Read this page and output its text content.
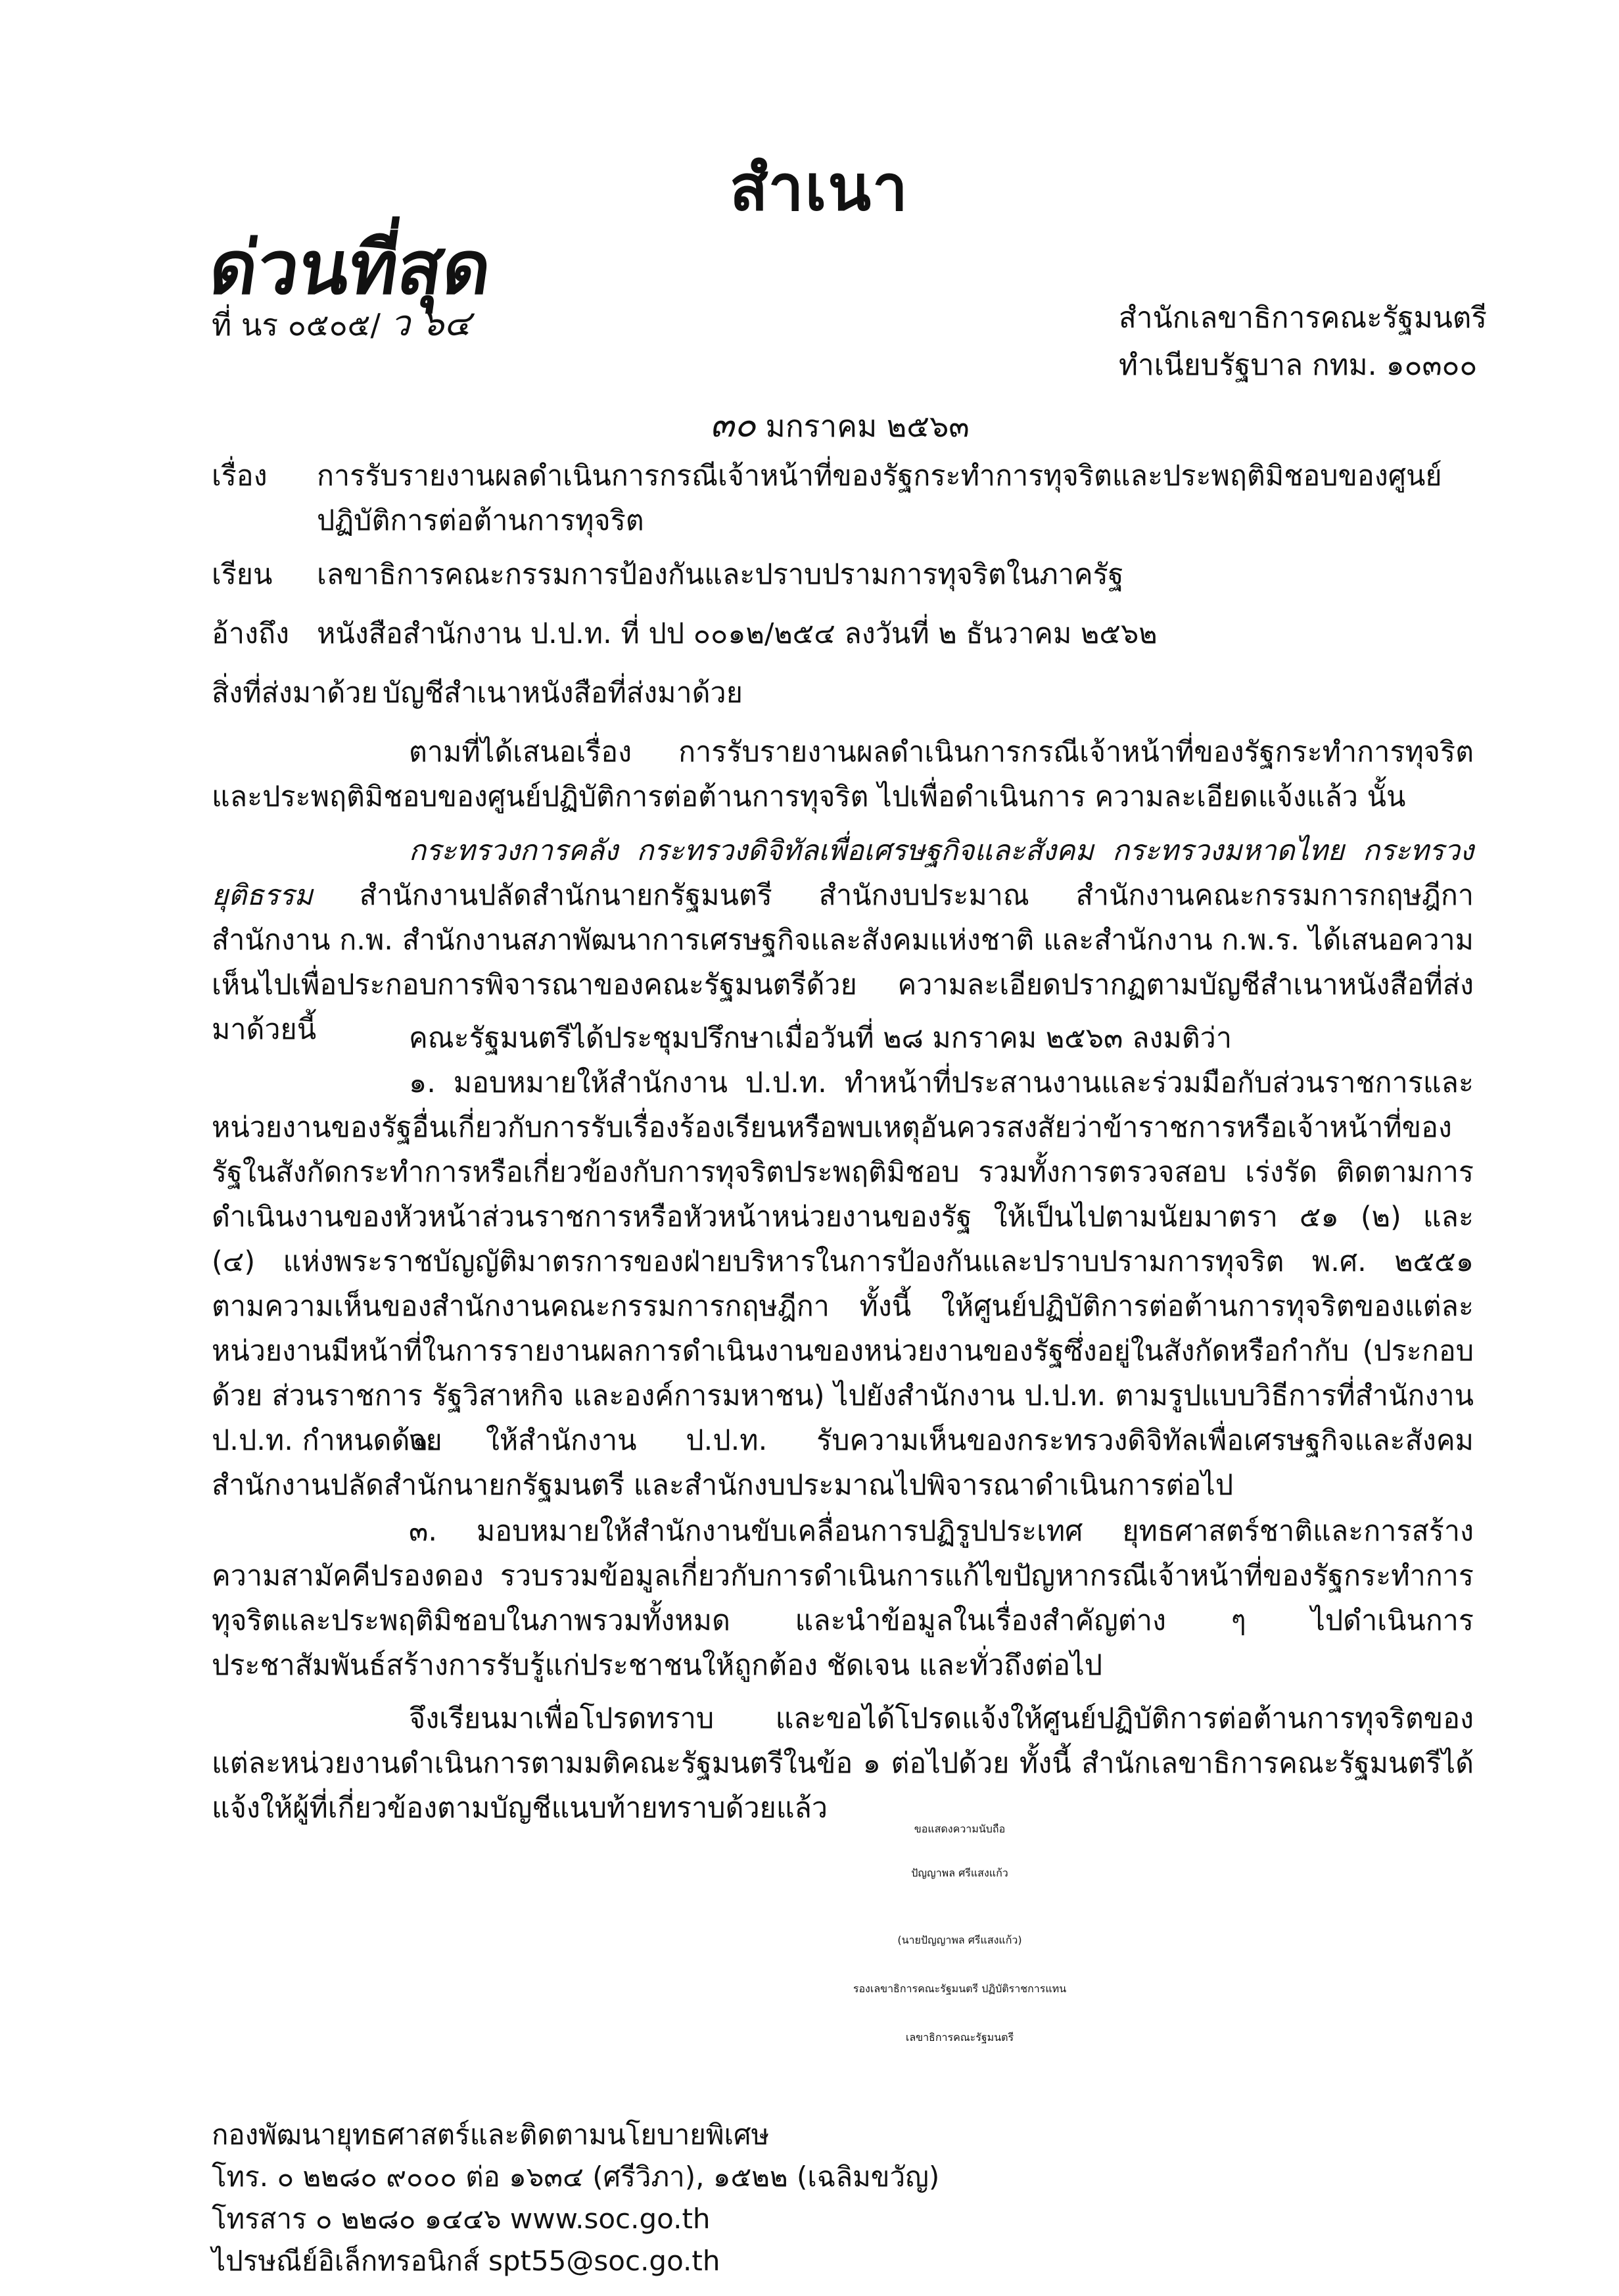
สำเนา
ด่วนที่สุด
ที่ นร ๐๕๐๕/ ว ๖๔	สำนักเลขาธิการคณะรัฐมนตรี
ทำเนียบรัฐบาล กทม. ๑๐๓๐๐
๓๐ มกราคม ๒๕๖๓
เรื่อง	การรับรายงานผลดำเนินการกรณีเจ้าหน้าที่ของรัฐกระทำการทุจริตและประพฤติมิชอบของศูนย์ปฏิบัติการต่อต้านการทุจริต
เรียน	เลขาธิการคณะกรรมการป้องกันและปราบปรามการทุจริตในภาครัฐ
อ้างถึง หนังสือสำนักงาน ป.ป.ท. ที่ ปป ๐๐๑๒/๒๕๔ ลงวันที่ ๒ ธันวาคม ๒๕๖๒
สิ่งที่ส่งมาด้วย บัญชีสำเนาหนังสือที่ส่งมาด้วย
ตามที่ได้เสนอเรื่อง การรับรายงานผลดำเนินการกรณีเจ้าหน้าที่ของรัฐกระทำการทุจริตและประพฤติมิชอบของศูนย์ปฏิบัติการต่อต้านการทุจริต ไปเพื่อดำเนินการ ความละเอียดแจ้งแล้ว นั้น
กระทรวงการคลัง กระทรวงดิจิทัลเพื่อเศรษฐกิจและสังคม กระทรวงมหาดไทย กระทรวงยุติธรรม สำนักงานปลัดสำนักนายกรัฐมนตรี สำนักงบประมาณ สำนักงานคณะกรรมการกฤษฎีกา สำนักงาน ก.พ. สำนักงานสภาพัฒนาการเศรษฐกิจและสังคมแห่งชาติ และสำนักงาน ก.พ.ร. ได้เสนอความเห็นไปเพื่อประกอบการพิจารณาของคณะรัฐมนตรีด้วย ความละเอียดปรากฏตามบัญชีสำเนาหนังสือที่ส่งมาด้วยนี้	คณะรัฐมนตรีได้ประชุมปรึกษาเมื่อวันที่ ๒๘ มกราคม ๒๕๖๓ ลงมติว่า
๑. มอบหมายให้สำนักงาน ป.ป.ท. ทำหน้าที่ประสานงานและร่วมมือกับส่วนราชการและหน่วยงานของรัฐอื่นเกี่ยวกับการรับเรื่องร้องเรียนหรือพบเหตุอันควรสงสัยว่าข้าราชการหรือเจ้าหน้าที่ของรัฐในสังกัดกระทำการหรือเกี่ยวข้องกับการทุจริตประพฤติมิชอบ รวมทั้งการตรวจสอบ เร่งรัด ติดตามการดำเนินงานของหัวหน้าส่วนราชการหรือหัวหน้าหน่วยงานของรัฐ ให้เป็นไปตามนัยมาตรา ๕๑ (๒) และ (๔) แห่งพระราชบัญญัติมาตรการของฝ่ายบริหารในการป้องกันและปราบปรามการทุจริต พ.ศ. ๒๕๕๑ ตามความเห็นของสำนักงานคณะกรรมการกฤษฎีกา ทั้งนี้ ให้ศูนย์ปฏิบัติการต่อต้านการทุจริตของแต่ละหน่วยงานมีหน้าที่ในการรายงานผลการดำเนินงานของหน่วยงานของรัฐซึ่งอยู่ในสังกัดหรือกำกับ (ประกอบด้วย ส่วนราชการ รัฐวิสาหกิจ และองค์การมหาชน) ไปยังสำนักงาน ป.ป.ท. ตามรูปแบบวิธีการที่สำนักงาน ป.ป.ท. กำหนดด้วย
๒. ให้สำนักงาน ป.ป.ท. รับความเห็นของกระทรวงดิจิทัลเพื่อเศรษฐกิจและสังคม สำนักงานปลัดสำนักนายกรัฐมนตรี และสำนักงบประมาณไปพิจารณาดำเนินการต่อไป
๓. มอบหมายให้สำนักงานขับเคลื่อนการปฏิรูปประเทศ ยุทธศาสตร์ชาติและการสร้างความสามัคคีปรองดอง รวบรวมข้อมูลเกี่ยวกับการดำเนินการแก้ไขปัญหากรณีเจ้าหน้าที่ของรัฐกระทำการทุจริตและประพฤติมิชอบในภาพรวมทั้งหมด และนำข้อมูลในเรื่องสำคัญต่าง ๆ ไปดำเนินการประชาสัมพันธ์สร้างการรับรู้แก่ประชาชนให้ถูกต้อง ชัดเจน และทั่วถึงต่อไป
จึงเรียนมาเพื่อโปรดทราบ และขอได้โปรดแจ้งให้ศูนย์ปฏิบัติการต่อต้านการทุจริตของแต่ละหน่วยงานดำเนินการตามมติคณะรัฐมนตรีในข้อ ๑ ต่อไปด้วย ทั้งนี้ สำนักเลขาธิการคณะรัฐมนตรีได้แจ้งให้ผู้ที่เกี่ยวข้องตามบัญชีแนบท้ายทราบด้วยแล้ว
ขอแสดงความนับถือ
ปัญญาพล ศรีแสงแก้ว
(นายปัญญาพล ศรีแสงแก้ว)
รองเลขาธิการคณะรัฐมนตรี ปฏิบัติราชการแทน
เลขาธิการคณะรัฐมนตรี
กองพัฒนายุทธศาสตร์และติดตามนโยบายพิเศษ
โทร. ๐ ๒๒๘๐ ๙๐๐๐ ต่อ ๑๖๓๔ (ศรีวิภา), ๑๕๒๒ (เฉลิมขวัญ)
โทรสาร ๐ ๒๒๘๐ ๑๔๔๖ www.soc.go.th
ไปรษณีย์อิเล็กทรอนิกส์ spt55@soc.go.th
